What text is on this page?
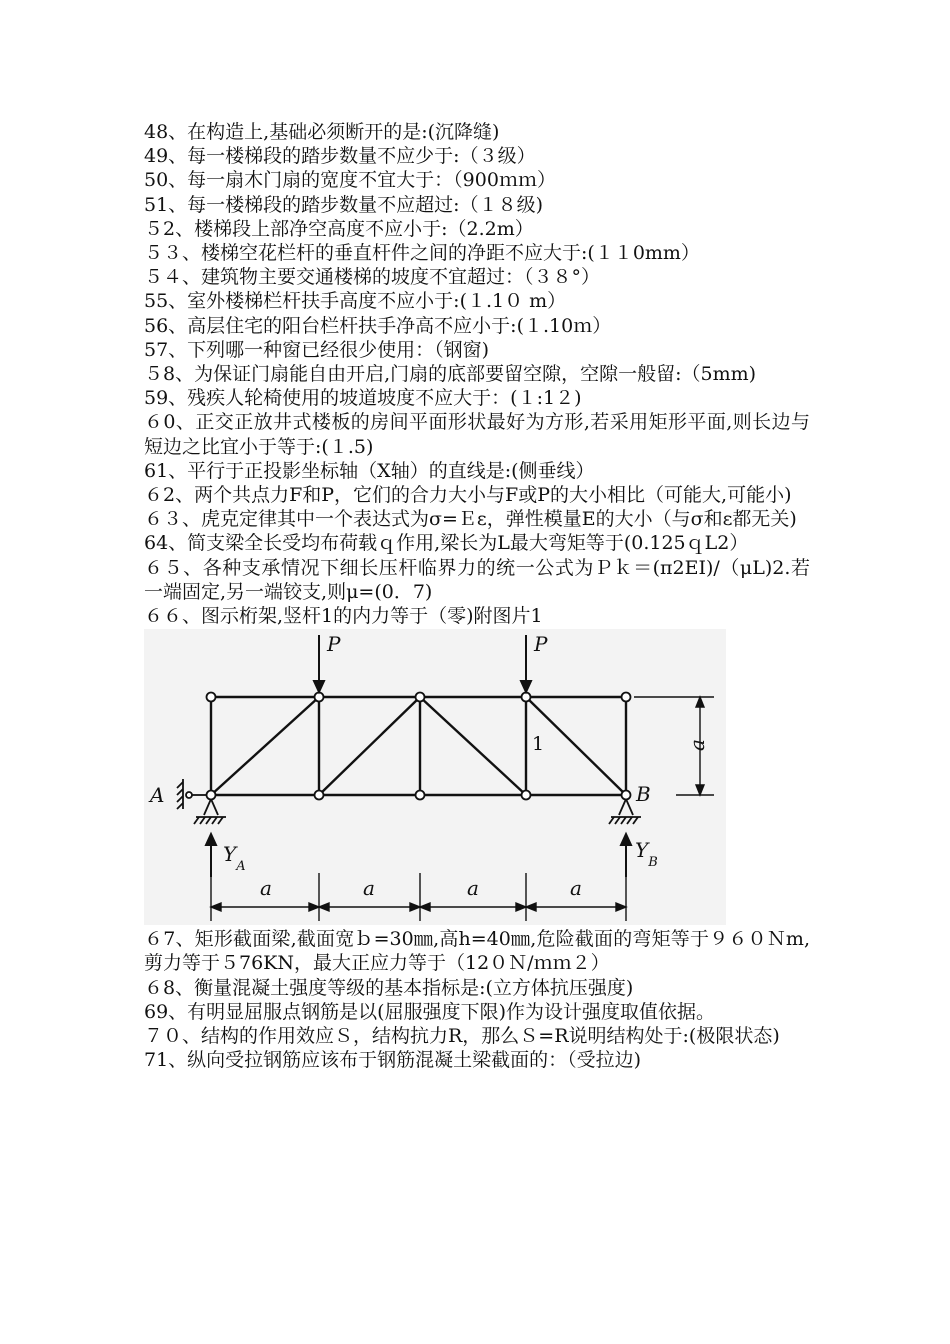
48、在构造上,基础必须断开的是:(沉降缝)

49、每一楼梯段的踏步数量不应少于:（３级）

50、每一扇木门扇的宽度不宜大于：（900ｍｍ）

51、每一楼梯段的踏步数量不应超过:（１８级)

５2、楼梯段上部净空高度不应小于:（2.2m）

５３、楼梯空花栏杆的垂直杆件之间的净距不应大于:(１１0mm）

５４、建筑物主要交通楼梯的坡度不宜超过：（３８°）

55、室外楼梯栏杆扶手高度不应小于:(１.1０ m）

56、高层住宅的阳台栏杆扶手净高不应小于:(１.10ｍ）

57、下列哪一种窗已经很少使用：（钢窗)

５8、为保证门扇能自由开启,门扇的底部要留空隙，空隙一般留:（5mm)

59、残疾人轮椅使用的坡道坡度不应大于：(１:1２)

６0、正交正放井式楼板的房间平面形状最好为方形,若采用矩形平面,则长边与短边之比宜小于等于:(１.5)

61、平行于正投影坐标轴（X轴）的直线是:(侧垂线）

６2、两个共点力F和P，它们的合力大小与F或P的大小相比（可能大,可能小)

６３、虎克定律其中一个表达式为σ=Ｅε，弹性模量E的大小（与σ和ε都无关)

64、简支梁全长受均布荷载ｑ作用,梁长为L最大弯矩等于(0.125ｑL2）

６５、各种支承情况下细长压杆临界力的统一公式为Ｐｋ＝(π2EI)/（μL)2.若一端固定,另一端铰支,则μ=(0．7)

６６、图示桁架,竖杆1的内力等于（零)附图片1

P	P
1
A	B
$Y_A$
$Y_B$
a
a	a	a	a

６7、矩形截面梁,截面宽ｂ=30㎜,高h=40㎜,危险截面的弯矩等于９６０Ｎm,剪力等于５76KN，最大正应力等于（12０Ｎ/ｍｍ２）

６8、衡量混凝土强度等级的基本指标是:(立方体抗压强度)

69、有明显屈服点钢筋是以(屈服强度下限)作为设计强度取值依据。

７０、结构的作用效应Ｓ，结构抗力R，那么Ｓ=R说明结构处于:(极限状态)

71、纵向受拉钢筋应该布于钢筋混凝土梁截面的：（受拉边)
